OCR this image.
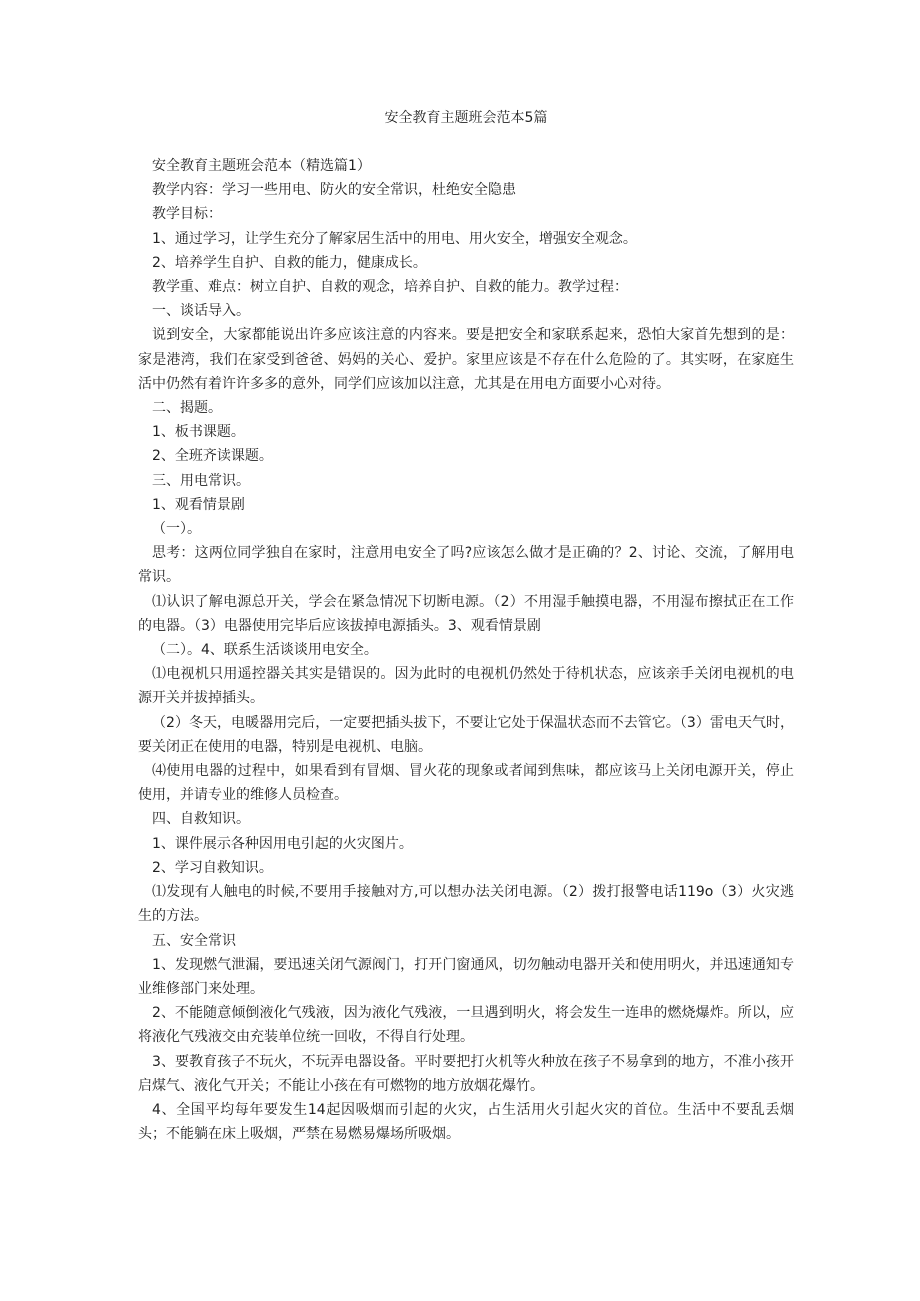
安全教育主题班会范本5篇

安全教育主题班会范本（精选篇1）

教学内容：学习一些用电、防火的安全常识，杜绝安全隐患

教学目标：

1、通过学习，让学生充分了解家居生活中的用电、用火安全，增强安全观念。

2、培养学生自护、自救的能力，健康成长。

教学重、难点：树立自护、自救的观念，培养自护、自救的能力。教学过程：

一、谈话导入。

说到安全，大家都能说出许多应该注意的内容来。要是把安全和家联系起来，恐怕大家首先想到的是：家是港湾，我们在家受到爸爸、妈妈的关心、爱护。家里应该是不存在什么危险的了。其实呀，在家庭生活中仍然有着许许多多的意外，同学们应该加以注意，尤其是在用电方面要小心对待。

二、揭题。

1、板书课题。

2、全班齐读课题。

三、用电常识。

1、观看情景剧

（一）。

思考：这两位同学独自在家时，注意用电安全了吗?应该怎么做才是正确的？2、讨论、交流，了解用电常识。

⑴认识了解电源总开关，学会在紧急情况下切断电源。（2）不用湿手触摸电器，不用湿布擦拭正在工作的电器。（3）电器使用完毕后应该拔掉电源插头。3、观看情景剧

（二）。4、联系生活谈谈用电安全。

⑴电视机只用遥控器关其实是错误的。因为此时的电视机仍然处于待机状态，应该亲手关闭电视机的电源开关并拔掉插头。

（2）冬天，电暖器用完后，一定要把插头拔下，不要让它处于保温状态而不去管它。（3）雷电天气时，要关闭正在使用的电器，特别是电视机、电脑。

⑷使用电器的过程中，如果看到有冒烟、冒火花的现象或者闻到焦味，都应该马上关闭电源开关，停止使用，并请专业的维修人员检查。

四、自救知识。

1、课件展示各种因用电引起的火灾图片。

2、学习自救知识。

⑴发现有人触电的时候,不要用手接触对方,可以想办法关闭电源。（2）拨打报警电话119o（3）火灾逃生的方法。

五、安全常识

1、发现燃气泄漏，要迅速关闭气源阀门，打开门窗通风，切勿触动电器开关和使用明火，并迅速通知专业维修部门来处理。

2、不能随意倾倒液化气残液，因为液化气残液，一旦遇到明火，将会发生一连串的燃烧爆炸。所以，应将液化气残液交由充装单位统一回收，不得自行处理。

3、要教育孩子不玩火，不玩弄电器设备。平时要把打火机等火种放在孩子不易拿到的地方，不准小孩开启煤气、液化气开关；不能让小孩在有可燃物的地方放烟花爆竹。

4、全国平均每年要发生14起因吸烟而引起的火灾，占生活用火引起火灾的首位。生活中不要乱丢烟头；不能躺在床上吸烟，严禁在易燃易爆场所吸烟。
